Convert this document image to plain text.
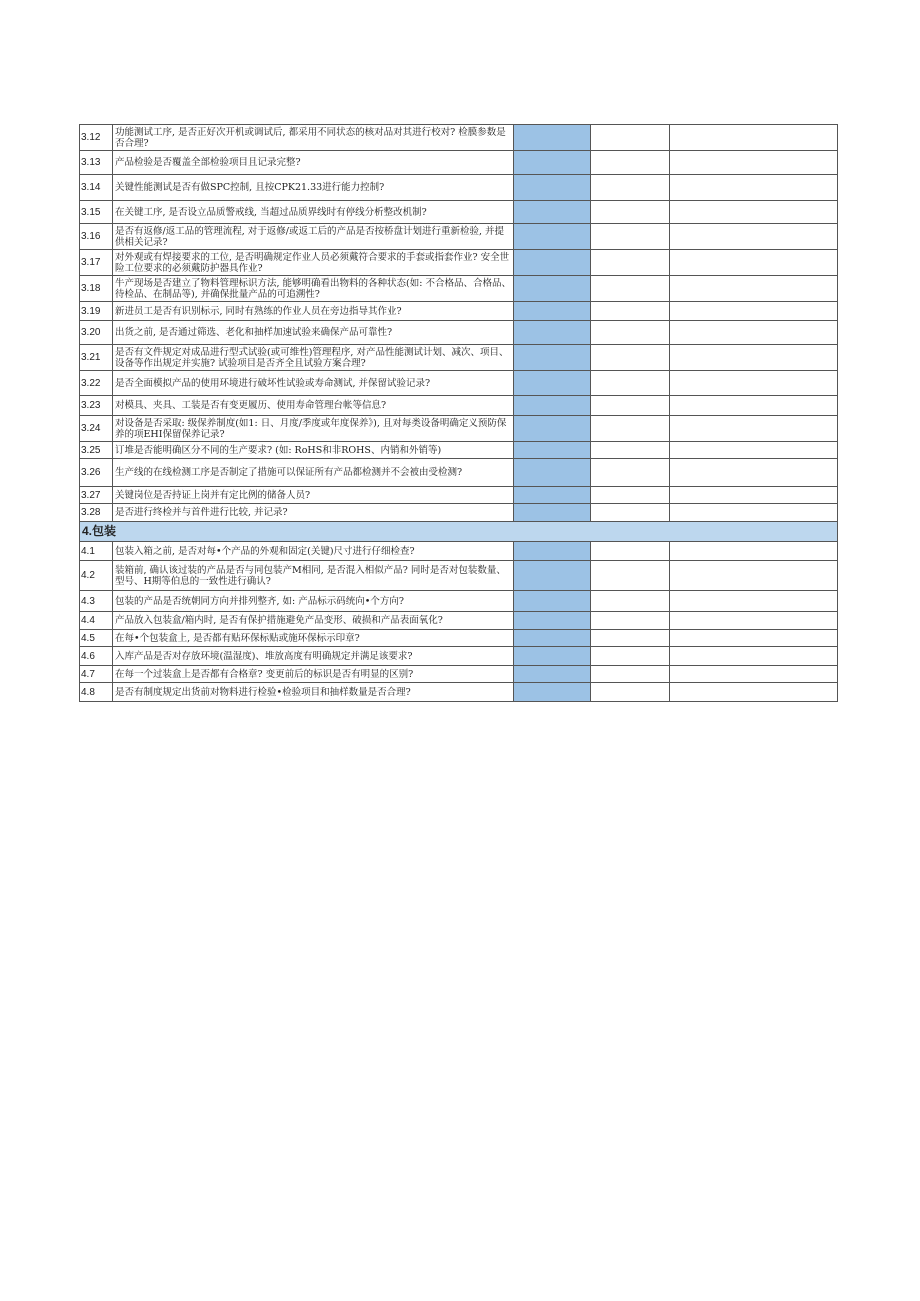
3.12	功能测试工序, 是否正好次开机或调试后, 都采用不同状态的核对品对其进行校对? 检膜参数是否合理?			
3.13	产品检验是否覆盖全部检验项目且记录完整?			
3.14	关键性能测试是否有做SPC控制, 且按CPK21.33进行能力控制?			
3.15	在关键工序, 是否设立品质警戒线, 当超过品质界线时有停线分析整改机制?			
3.16	是否有返修/返工品的管理流程, 对于返修/或返工后的产品是否按桥盘计划进行重新检验, 并提供相关记录?			
3.17	对外观或有焊接要求的工位, 是否明确规定作业人员必须戴符合要求的手套或指套作业? 安全世险工位要求的必须戴防护器具作业?			
3.18	牛产现场是否建立了物料管理标识方法, 能够明确看出物料的各种状态(如: 不合格品、合格品、待检品、在制品等), 并确保批量产品的可追溯性?			
3.19	新进员工是否有识别标示, 同时有熟练的作业人员在旁边指导其作业?			
3.20	出货之前, 是否通过筛选、老化和抽样加速试验来确保产品可靠性?			
3.21	是否有文件规定对成品进行型式试验(或可维性)管理程序, 对产品性能测试计划、减次、项目、设备等作出规定并实施? 试验项目是否齐全且试验方案合理?			
3.22	是否全面模拟产品的使用环境进行破坏性试验或寿命测试, 并保留试验记录?			
3.23	对模具、夹具、工装是否有变更履历、使用寿命管理台帐等信息?			
3.24	对设备是否采取: 级保养制度(如1: 日、月度/季度或年度保养》), 且对每类设备明确定义预防保养的项EHI保留保养记录?			
3.25	订堆是否能明确区分不同的生产要求? (如: RoHS和非ROHS、内销和外销等)			
3.26	生产线的在线检测工序是否制定了措施可以保证所有产品都检测并不会被由受检测?			
3.27	关键岗位是否持证上岗并有定比例的储备人员?			
3.28	是否进行终检并与首件进行比较, 并记录?			
4.包装				
4.1	包装入箱之前, 是否对每•个产品的外观和固定(关键)尺寸进行仔细检查?			
4.2	装箱前, 确认该过装的产品是否与同包装产M相同, 是否混入相似产品? 同时是否对包装数量、型号、H期等伯息的一致性进行确认?			
4.3	包装的产品是否统朝同方向并排列整齐, 如: 产品标示码统向•个方向?			
4.4	产品放入包装盒/箱内时, 是否有保护措施避免产品变形、破损和产品表面氧化?			
4.5	在每•个包装盒上, 是否都有贴环保标贴或施环保标示印章?			
4.6	入库产品是否对存放环境(温湿度)、堆放高度有明确规定并满足该要求?			
4.7	在每一个过装盒上是否都有合格章? 变更前后的标识是否有明显的区别?			
4.8	是否有制度规定出货前对物料进行检验•检验项目和抽样数量是否合理?			
